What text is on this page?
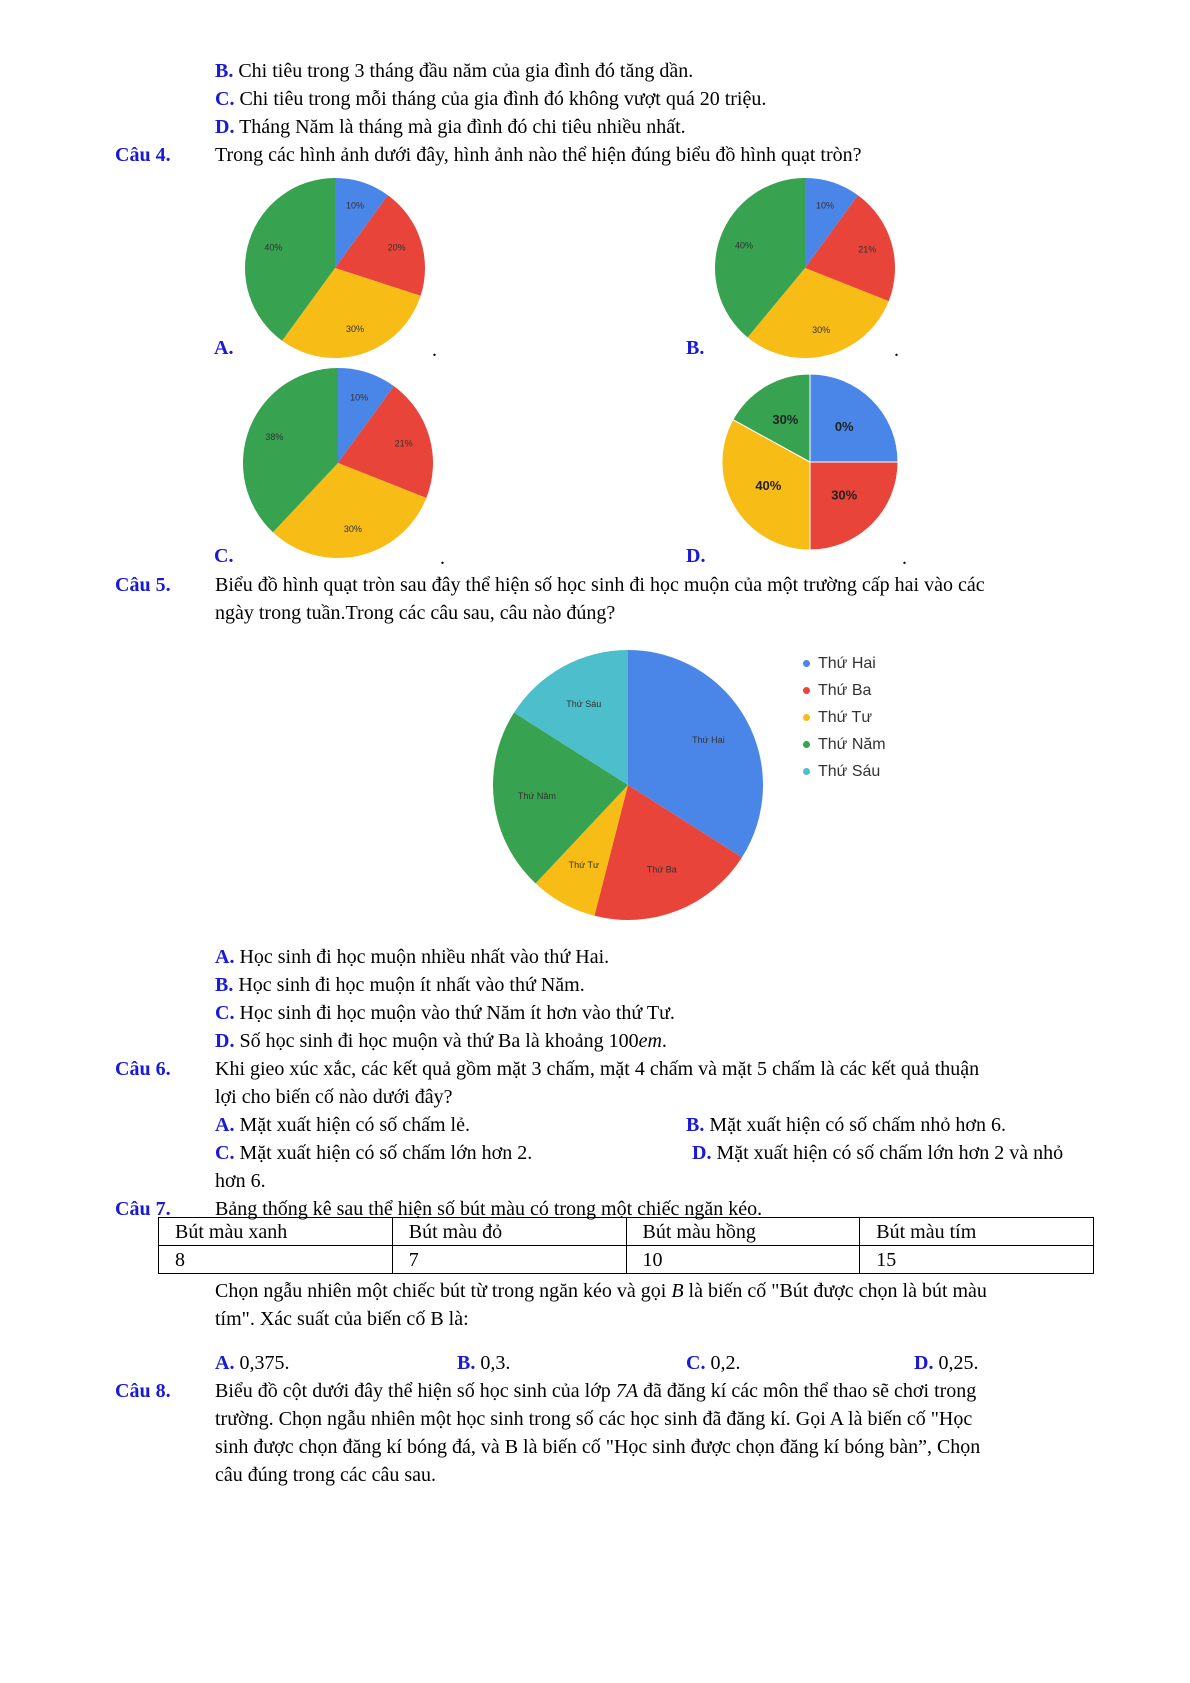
B. Chi tiêu trong 3 tháng đầu năm của gia đình đó tăng dần.
C. Chi tiêu trong mỗi tháng của gia đình đó không vượt quá 20 triệu.
D. Tháng Năm là tháng mà gia đình đó chi tiêu nhiều nhất.
Câu 4. Trong các hình ảnh dưới đây, hình ảnh nào thể hiện đúng biểu đồ hình quạt tròn?
10%
20%
30%
40%
10%
21%
30%
40%
10%
21%
30%
38%
0%
30%
40%
30%
A.	.	B.	.
C.	.	D.	.
Câu 5. Biểu đồ hình quạt tròn sau đây thể hiện số học sinh đi học muộn của một trường cấp hai vào các
ngày trong tuần.Trong các câu sau, câu nào đúng?
Thứ Hai
Thứ Ba
Thứ Tư
Thứ Năm
Thứ Sáu
Thứ Hai
Thứ Ba
Thứ Tư
Thứ Năm
Thứ Sáu
A. Học sinh đi học muộn nhiều nhất vào thứ Hai.
B. Học sinh đi học muộn ít nhất vào thứ Năm.
C. Học sinh đi học muộn vào thứ Năm ít hơn vào thứ Tư.
D. Số học sinh đi học muộn và thứ Ba là khoảng 100em.
Câu 6. Khi gieo xúc xắc, các kết quả gồm mặt 3 chấm, mặt 4 chấm và mặt 5 chấm là các kết quả thuận
lợi cho biến cố nào dưới đây?
A. Mặt xuất hiện có số chấm lẻ.	B. Mặt xuất hiện có số chấm nhỏ hơn 6.
C. Mặt xuất hiện có số chấm lớn hơn 2.	D. Mặt xuất hiện có số chấm lớn hơn 2 và nhỏ
hơn 6.
Câu 7. Bảng thống kê sau thể hiện số bút màu có trong một chiếc ngăn kéo.
Bút màu xanh	Bút màu đỏ	Bút màu hồng	Bút màu tím
8	7	10	15
Chọn ngẫu nhiên một chiếc bút từ trong ngăn kéo và gọi B là biến cố "Bút được chọn là bút màu
tím". Xác suất của biến cố B là:
A. 0,375.	B. 0,3.	C. 0,2.	D. 0,25.
Câu 8. Biểu đồ cột dưới đây thể hiện số học sinh của lớp 7A đã đăng kí các môn thể thao sẽ chơi trong
trường. Chọn ngẫu nhiên một học sinh trong số các học sinh đã đăng kí. Gọi A là biến cố "Học
sinh được chọn đăng kí bóng đá, và B là biến cố "Học sinh được chọn đăng kí bóng bàn”, Chọn
câu đúng trong các câu sau.
